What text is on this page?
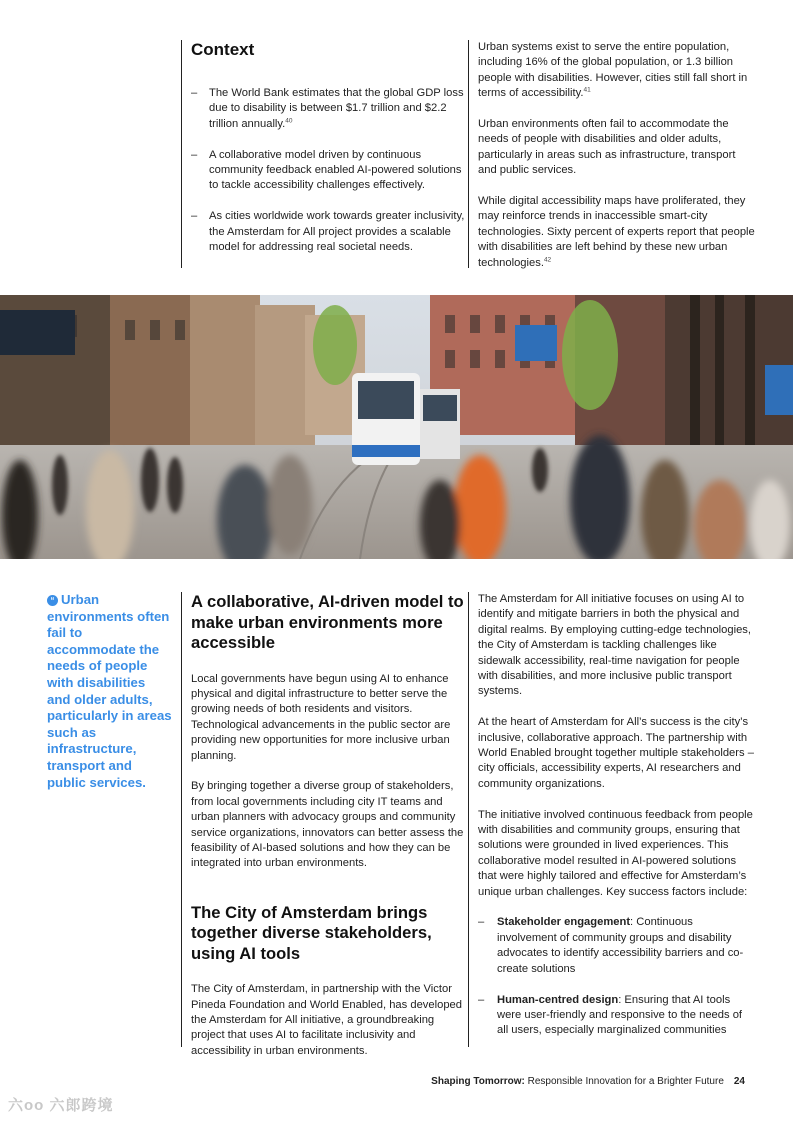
Context
– The World Bank estimates that the global GDP loss due to disability is between $1.7 trillion and $2.2 trillion annually.$^{40}$
– A collaborative model driven by continuous community feedback enabled AI-powered solutions to tackle accessibility challenges effectively.
– As cities worldwide work towards greater inclusivity, the Amsterdam for All project provides a scalable model for addressing real societal needs.

Urban systems exist to serve the entire population, including 16% of the global population, or 1.3 billion people with disabilities. However, cities still fall short in terms of accessibility.$^{41}$

Urban environments often fail to accommodate the needs of people with disabilities and older adults, particularly in areas such as infrastructure, transport and public services.

While digital accessibility maps have proliferated, they may reinforce trends in inaccessible smart-city technologies. Sixty percent of experts report that people with disabilities are left behind by these new urban technologies.$^{42}$

“ Urban environments often fail to accommodate the needs of people with disabilities and older adults, particularly in areas such as infrastructure, transport and public services.
A collaborative, AI-driven model to make urban environments more accessible

Local governments have begun using AI to enhance physical and digital infrastructure to better serve the growing needs of both residents and visitors. Technological advancements in the public sector are providing new opportunities for more inclusive urban planning.

By bringing together a diverse group of stakeholders, from local governments including city IT teams and urban planners with advocacy groups and community service organizations, innovators can better assess the feasibility of AI-based solutions and how they can be integrated into urban environments.

The City of Amsterdam brings together diverse stakeholders, using AI tools

The City of Amsterdam, in partnership with the Victor Pineda Foundation and World Enabled, has developed the Amsterdam for All initiative, a groundbreaking project that uses AI to facilitate inclusivity and accessibility in urban environments.

The Amsterdam for All initiative focuses on using AI to identify and mitigate barriers in both the physical and digital realms. By employing cutting-edge technologies, the City of Amsterdam is tackling challenges like sidewalk accessibility, real-time navigation for people with disabilities, and more inclusive public transport systems.

At the heart of Amsterdam for All’s success is the city’s inclusive, collaborative approach. The partnership with World Enabled brought together multiple stakeholders – city officials, accessibility experts, AI researchers and community organizations.

The initiative involved continuous feedback from people with disabilities and community groups, ensuring that solutions were grounded in lived experiences. This collaborative model resulted in AI-powered solutions that were highly tailored and effective for Amsterdam’s unique urban challenges. Key success factors include:

– Stakeholder engagement: Continuous involvement of community groups and disability advocates to identify accessibility barriers and co-create solutions
– Human-centred design: Ensuring that AI tools were user-friendly and responsive to the needs of all users, especially marginalized communities
Shaping Tomorrow: Responsible Innovation for a Brighter Future 24
六oo 六郎跨境
